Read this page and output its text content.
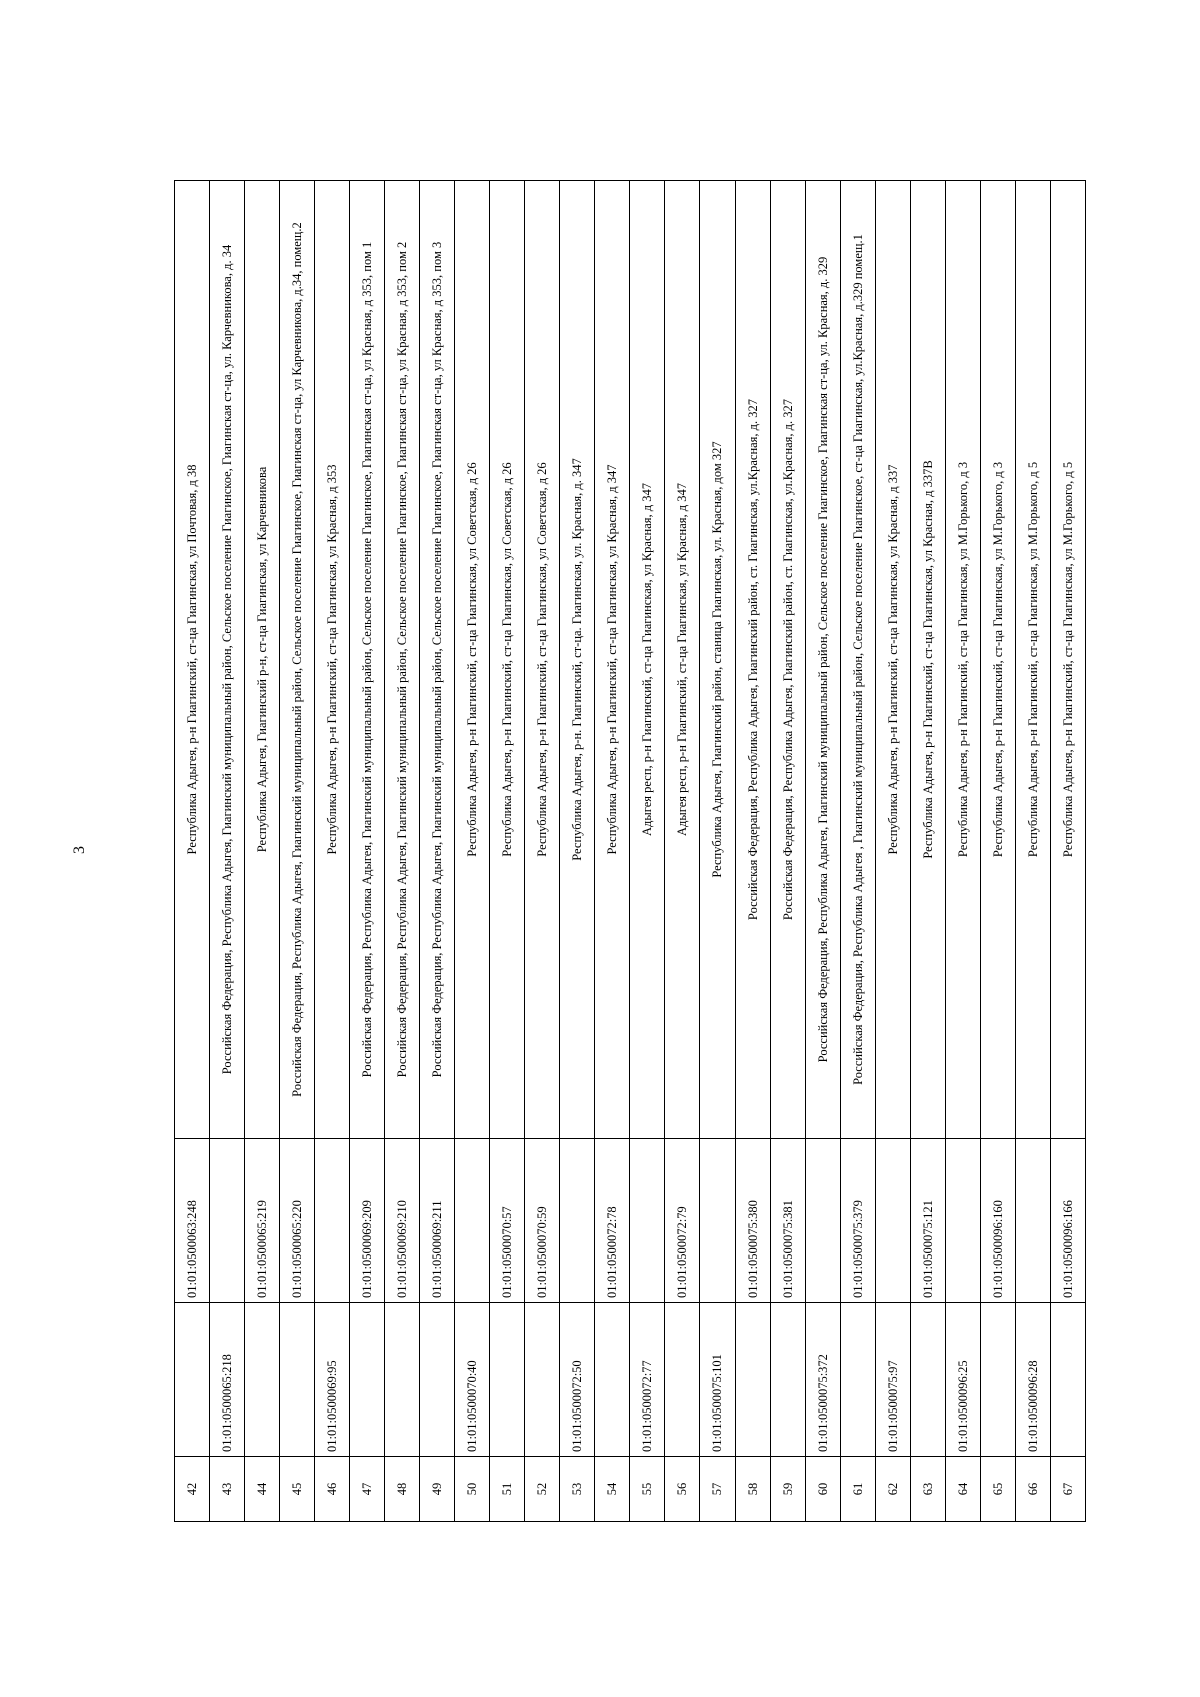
3
42		01:01:0500063:248	Республика Адыгея, р-н Гиагинский, ст-ца Гиагинская, ул Почтовая, д 38
43	01:01:0500065:218		Российская Федерация, Республика Адыгея, Гиагинский муниципальный район, Сельское поселение Гиагинское, Гиагинская ст-ца, ул. Карчевникова, д. 34
44		01:01:0500065:219	Республика Адыгея, Гиагинский р-н, ст-ца Гиагинская, ул Карчевникова
45		01:01:0500065:220	Российская Федерация, Республика Адыгея, Гиагинский муниципальный район, Сельское поселение Гиагинское, Гиагинская ст-ца, ул Карчевникова, д.34, помещ.2
46	01:01:0500069:95		Республика Адыгея, р-н Гиагинский, ст-ца Гиагинская, ул Красная, д 353
47		01:01:0500069:209	Российская Федерация, Республика Адыгея, Гиагинский муниципальный район, Сельское поселение Гиагинское, Гиагинская ст-ца, ул Красная, д 353, пом 1
48		01:01:0500069:210	Российская Федерация, Республика Адыгея, Гиагинский муниципальный район, Сельское поселение Гиагинское, Гиагинская ст-ца, ул Красная, д 353, пом 2
49		01:01:0500069:211	Российская Федерация, Республика Адыгея, Гиагинский муниципальный район, Сельское поселение Гиагинское, Гиагинская ст-ца, ул Красная, д 353, пом 3
50	01:01:0500070:40		Республика Адыгея, р-н Гиагинский, ст-ца Гиагинская, ул Советская, д 26
51		01:01:0500070:57	Республика Адыгея, р-н Гиагинский, ст-ца Гиагинская, ул Советская, д 26
52		01:01:0500070:59	Республика Адыгея, р-н Гиагинский, ст-ца Гиагинская, ул Советская, д 26
53	01:01:0500072:50		Республика Адыгея, р-н. Гиагинский, ст-ца. Гиагинская, ул. Красная, д. 347
54		01:01:0500072:78	Республика Адыгея, р-н Гиагинский, ст-ца Гиагинская, ул Красная, д 347
55	01:01:0500072:77		Адыгея респ, р-н Гиагинский, ст-ца Гиагинская, ул Красная, д 347
56		01:01:0500072:79	Адыгея респ, р-н Гиагинский, ст-ца Гиагинская, ул Красная, д 347
57	01:01:0500075:101		Республика Адыгея, Гиагинский район, станица Гиагинская, ул. Красная, дом 327
58		01:01:0500075:380	Российская Федерация, Республика Адыгея, Гиагинский район, ст. Гиагинская, ул.Красная, д. 327
59		01:01:0500075:381	Российская Федерация, Республика Адыгея, Гиагинский район, ст. Гиагинская, ул.Красная, д. 327
60	01:01:0500075:372		Российская Федерация, Республика Адыгея, Гиагинский муниципальный район, Сельское поселение Гиагинское, Гиагинская ст-ца, ул. Красная, д. 329
61		01:01:0500075:379	Российская Федерация, Республика Адыгея , Гиагинский муниципальный район, Сельское поселение Гиагинское, ст-ца Гиагинская, ул.Красная, д.329 помещ.1
62	01:01:0500075:97		Республика Адыгея, р-н Гиагинский, ст-ца Гиагинская, ул Красная, д 337
63		01:01:0500075:121	Республика Адыгея, р-н Гиагинский, ст-ца Гиагинская, ул Красная, д 337В
64	01:01:0500096:25		Республика Адыгея, р-н Гиагинский, ст-ца Гиагинская, ул М.Горького, д 3
65		01:01:0500096:160	Республика Адыгея, р-н Гиагинский, ст-ца Гиагинская, ул М.Горького, д 3
66	01:01:0500096:28		Республика Адыгея, р-н Гиагинский, ст-ца Гиагинская, ул М.Горького, д 5
67		01:01:0500096:166	Республика Адыгея, р-н Гиагинский, ст-ца Гиагинская, ул М.Горького, д 5
